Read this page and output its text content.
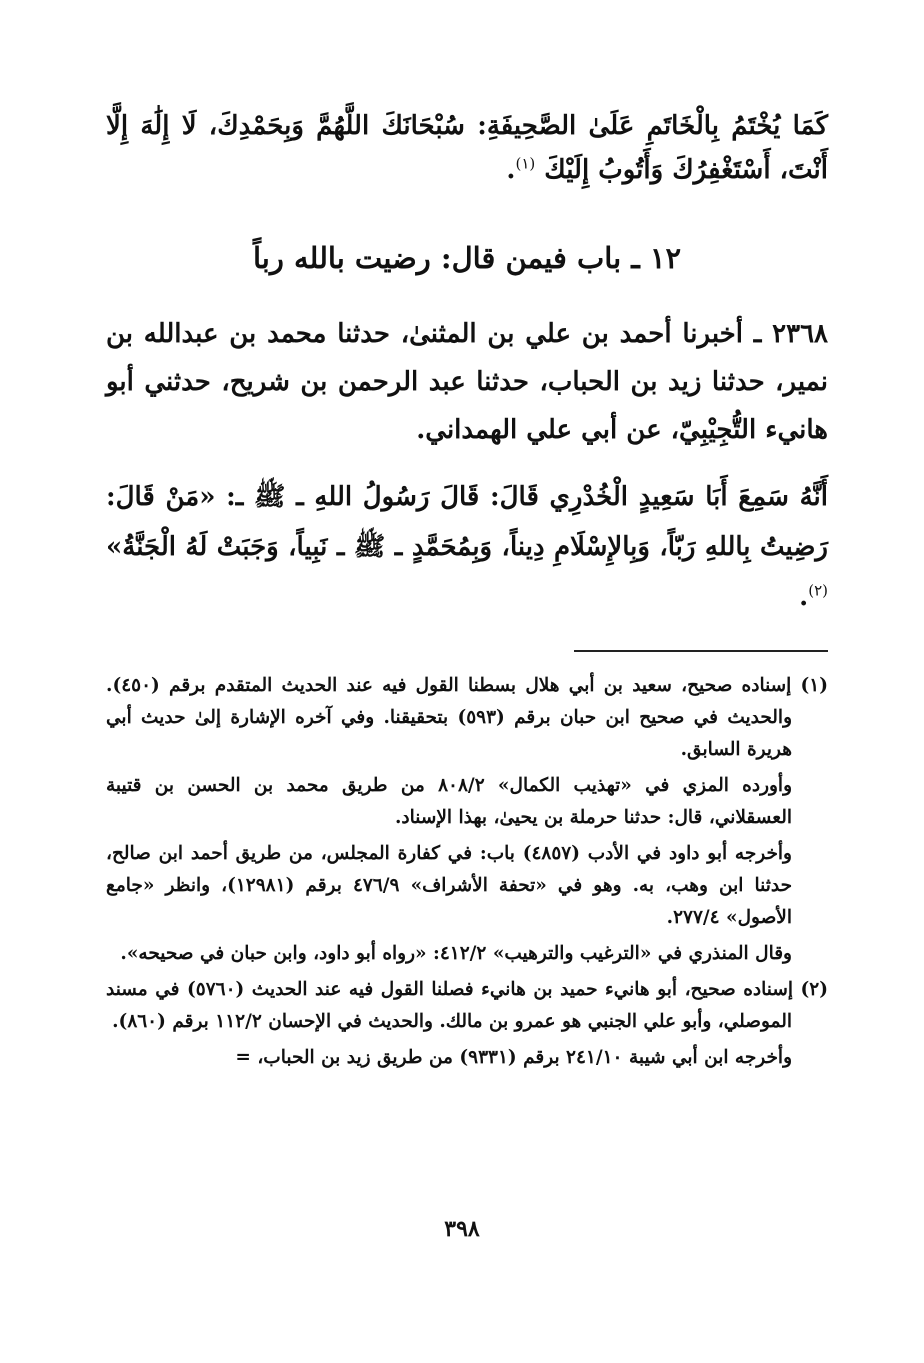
كَمَا يُخْتَمُ بِالْخَاتَمِ عَلَىٰ الصَّحِيفَةِ: سُبْحَانَكَ اللَّهُمَّ وَبِحَمْدِكَ، لَا إِلَٰهَ إِلَّا أَنْتَ، أَسْتَغْفِرُكَ وَأَتُوبُ إِلَيْكَ $^{(١)}$.

١٢ ـ باب فيمن قال: رضيت بالله رباً

٢٣٦٨ ـ أخبرنا أحمد بن علي بن المثنىٰ، حدثنا محمد بن عبدالله بن نمير، حدثنا زيد بن الحباب، حدثنا عبد الرحمن بن شريح، حدثني أبو هانيء التُّجِيْبِيّ، عن أبي علي الهمداني.

أَنَّهُ سَمِعَ أَبَا سَعِيدٍ الْخُدْرِي قَالَ: قَالَ رَسُولُ اللهِ ـ ﷺ ـ: «مَنْ قَالَ: رَضِيتُ بِاللهِ رَبّاً، وَبِالإِسْلَامِ دِيناً، وَبِمُحَمَّدٍ ـ ﷺ ـ نَبِياً، وَجَبَتْ لَهُ الْجَنَّةُ» $^{(٢)}$.

(١) إسناده صحيح، سعيد بن أبي هلال بسطنا القول فيه عند الحديث المتقدم برقم (٤٥٠). والحديث في صحيح ابن حبان برقم (٥٩٣) بتحقيقنا. وفي آخره الإشارة إلىٰ حديث أبي هريرة السابق.

وأورده المزي في «تهذيب الكمال» ٨٠٨/٢ من طريق محمد بن الحسن بن قتيبة العسقلاني، قال: حدثنا حرملة بن يحيىٰ، بهذا الإسناد.

وأخرجه أبو داود في الأدب (٤٨٥٧) باب: في كفارة المجلس، من طريق أحمد ابن صالح، حدثنا ابن وهب، به. وهو في «تحفة الأشراف» ٤٧٦/٩ برقم (١٢٩٨١)، وانظر «جامع الأصول» ٢٧٧/٤.

وقال المنذري في «الترغيب والترهيب» ٤١٢/٢: «رواه أبو داود، وابن حبان في صحيحه».

(٢) إسناده صحيح، أبو هانيء حميد بن هانيء فصلنا القول فيه عند الحديث (٥٧٦٠) في مسند الموصلي، وأبو علي الجنبي هو عمرو بن مالك. والحديث في الإحسان ١١٢/٢ برقم (٨٦٠).

وأخرجه ابن أبي شيبة ٢٤١/١٠ برقم (٩٣٣١) من طريق زيد بن الحباب، =

٣٩٨
